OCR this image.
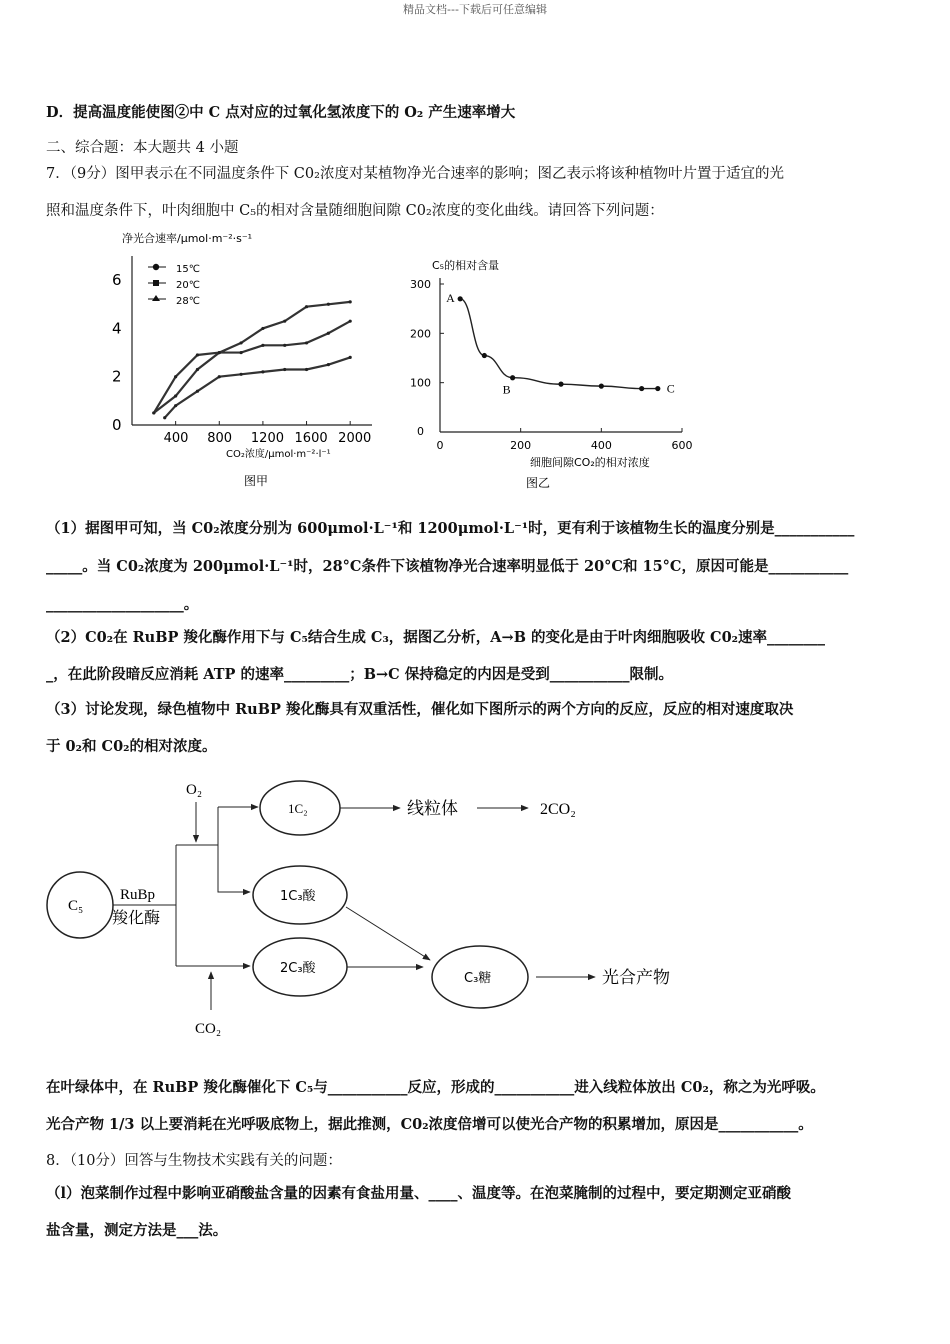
精品文档---下载后可任意编辑
D．提高温度能使图②中 C 点对应的过氧化氢浓度下的 O₂ 产生速率增大
二、综合题：本大题共 4 小题
7．（9分）图甲表示在不同温度条件下 C0₂浓度对某植物净光合速率的影响；图乙表示将该种植物叶片置于适宜的光
照和温度条件下，叶肉细胞中 C₅的相对含量随细胞间隙 C0₂浓度的变化曲线。请回答下列问题：
净光合速率/μmol·m⁻²·s⁻¹
400 800 1200 1600 2000
0
2
4
6
15℃
20℃
28℃
CO₂浓度/μmol·m⁻²·l⁻¹
图甲
C₅的相对含量
0	200	400	600
0
100
200
300
A
B	C
细胞间隙CO₂的相对浓度
图乙
（1）据图甲可知，当 C0₂浓度分别为 600μmol·L⁻¹和 1200μmol·L⁻¹时，更有利于该植物生长的温度分别是___________
_____。当 C0₂浓度为 200μmol·L⁻¹时，28°C条件下该植物净光合速率明显低于 20°C和 15°C，原因可能是___________
___________________。
（2）C0₂在 RuBP 羧化酶作用下与 C₅结合生成 C₃，据图乙分析，A→B 的变化是由于叶肉细胞吸收 C0₂速率________
_，在此阶段暗反应消耗 ATP 的速率_________；B→C 保持稳定的内因是受到___________限制。
（3）讨论发现，绿色植物中 RuBP 羧化酶具有双重活性，催化如下图所示的两个方向的反应，反应的相对速度取决
于 0₂和 C0₂的相对浓度。
O₂
C₅
RuBp
羧化酶
CO₂
1C₂	线粒体	2CO₂
1C₃酸
2C₃酸
C₃糖	光合产物
在叶绿体中，在 RuBP 羧化酶催化下 C₅与___________反应，形成的___________进入线粒体放出 C0₂，称之为光呼吸。
光合产物 1/3 以上要消耗在光呼吸底物上，据此推测，C0₂浓度倍增可以使光合产物的积累增加，原因是___________。
8．（10分）回答与生物技术实践有关的问题：
（l）泡菜制作过程中影响亚硝酸盐含量的因素有食盐用量、____、温度等。在泡菜腌制的过程中，要定期测定亚硝酸
盐含量，测定方法是___法。
